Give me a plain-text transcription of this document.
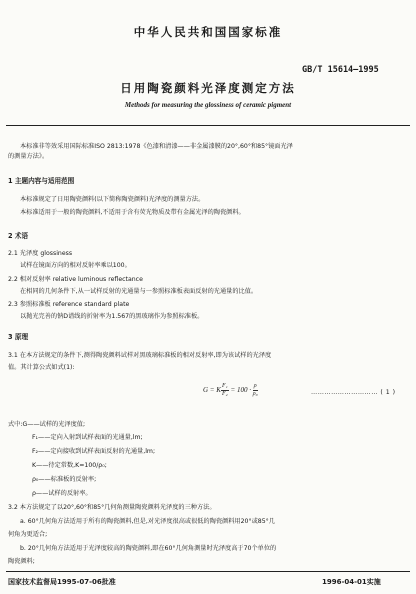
中华人民共和国国家标准
GB/T 15614—1995
日用陶瓷颜料光泽度测定方法
Methods for measuring the glossiness of ceramic pigment
本标准非等效采用国际标准ISO 2813:1978《色漆和清漆——非金属漆膜的20°,60°和85°镜面光泽
的测量方法》。
1 主题内容与适用范围
本标准规定了日用陶瓷颜料(以下简称陶瓷颜料)光泽度的测量方法。
本标准适用于一般的陶瓷颜料,不适用于含有荧光物质及带有金属光泽的陶瓷颜料。
2 术语
2.1 光泽度 glossiness
试样在镜面方向的相对反射率乘以100。
2.2 相对反射率 relative luminous reflectance
在相同的几何条件下,从一试样反射的光通量与一参照标准板表面反射的光通量的比值。
2.3 参照标准板 reference standard plate
以抛光完善的钠D谱线的折射率为1.567的黑玻璃作为参照标准板。
3 原理
3.1 在本方法规定的条件下,测得陶瓷颜料试样对黑玻璃标准板的相对反射率,即为该试样的光泽度
值。其计算公式如式(1):
G = K $\frac{\text{F₁}}{\text{F₂}} = 100 \cdot \frac{\rho}{\text{ρ₀}}$	………………………… ( 1 )
式中:G——试样的光泽度值;
F₁——定向入射到试样表面的光通量,lm;
F₂——定向接收到试样表面反射的光通量,lm;
K——待定常数,K=100/ρ₀;
ρ₀——标准板的反射率;
ρ——试样的反射率。
3.2 本方法规定了以20°,60°和85°几何角测量陶瓷颜料光泽度的三种方法。
a. 60°几何角方法适用于所有的陶瓷颜料,但是,对光泽度很高或很低的陶瓷颜料用20°或85°几
何角为更适合;
b. 20°几何角方法适用于光泽度较高的陶瓷颜料,即在60°几何角测量时光泽度高于70个单位的
陶瓷颜料;
国家技术监督局1995-07-06批准	1996-04-01实施
